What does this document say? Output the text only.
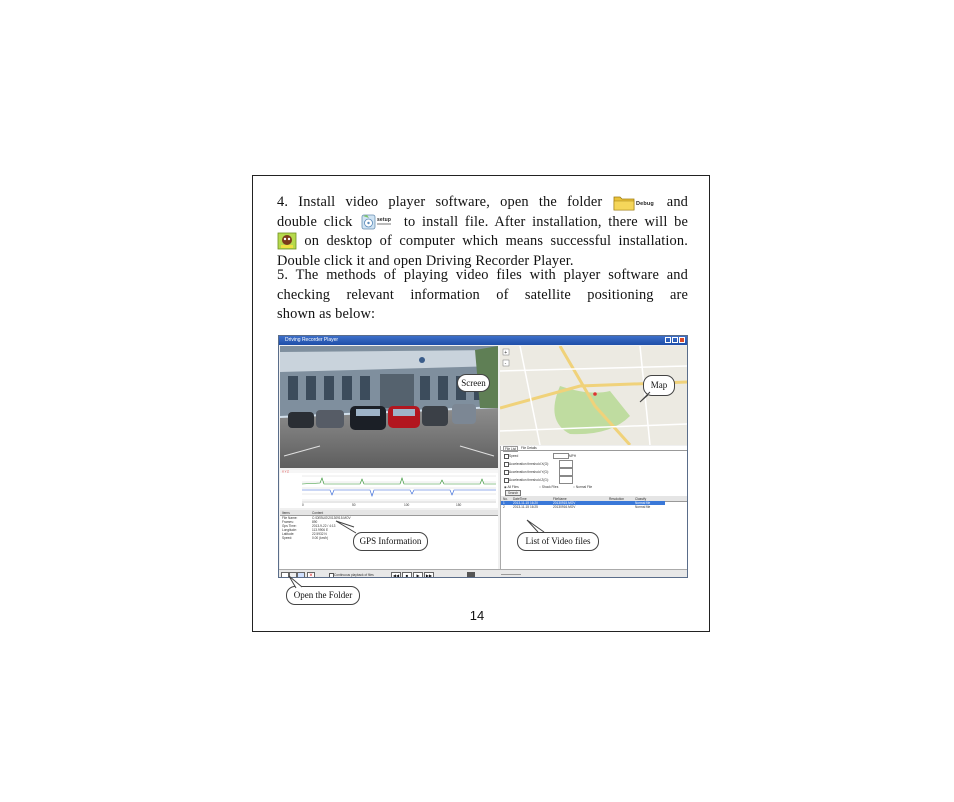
4. Install video player software, open the folder	Debug and
double click	setup to install file. After installation, there will be
on desktop of computer which means successful installation.
Double click it and open Driving Recorder Player.
5. The methods of playing video files with player software and
checking relevant information of satellite positioning are
shown as below:
Driving Recorder Player
+
-
File List	File Details
Speed	MPH
Acceleration threshold X(G):
Acceleration threshold Y(G):
Acceleration threshold Z(G):
◉ All Files	○ Shock Files	○ Normal File
Search
No. DateTime	FileName	Resolution	Classify
1	2013-11-15 16:20	20130915.MOV	Normal file
2	2013-11-15 16:25	20130916.MOV	Normal file
X Y Z
0	50	100	150
Items	Content
File Name:	C:\DEBUG\20130915.MOV
Frames:	890
Gps Time:	2013-9-22 / 4:13
Longitude:	113.9906 E
Latitude:	22.5932 N
Speed:	0.00 (km/h)
×	Continuous playback of files	◀◀	■	▶	▶▶
Screen	Map
GPS Information	List of Video files
Open the Folder
14
